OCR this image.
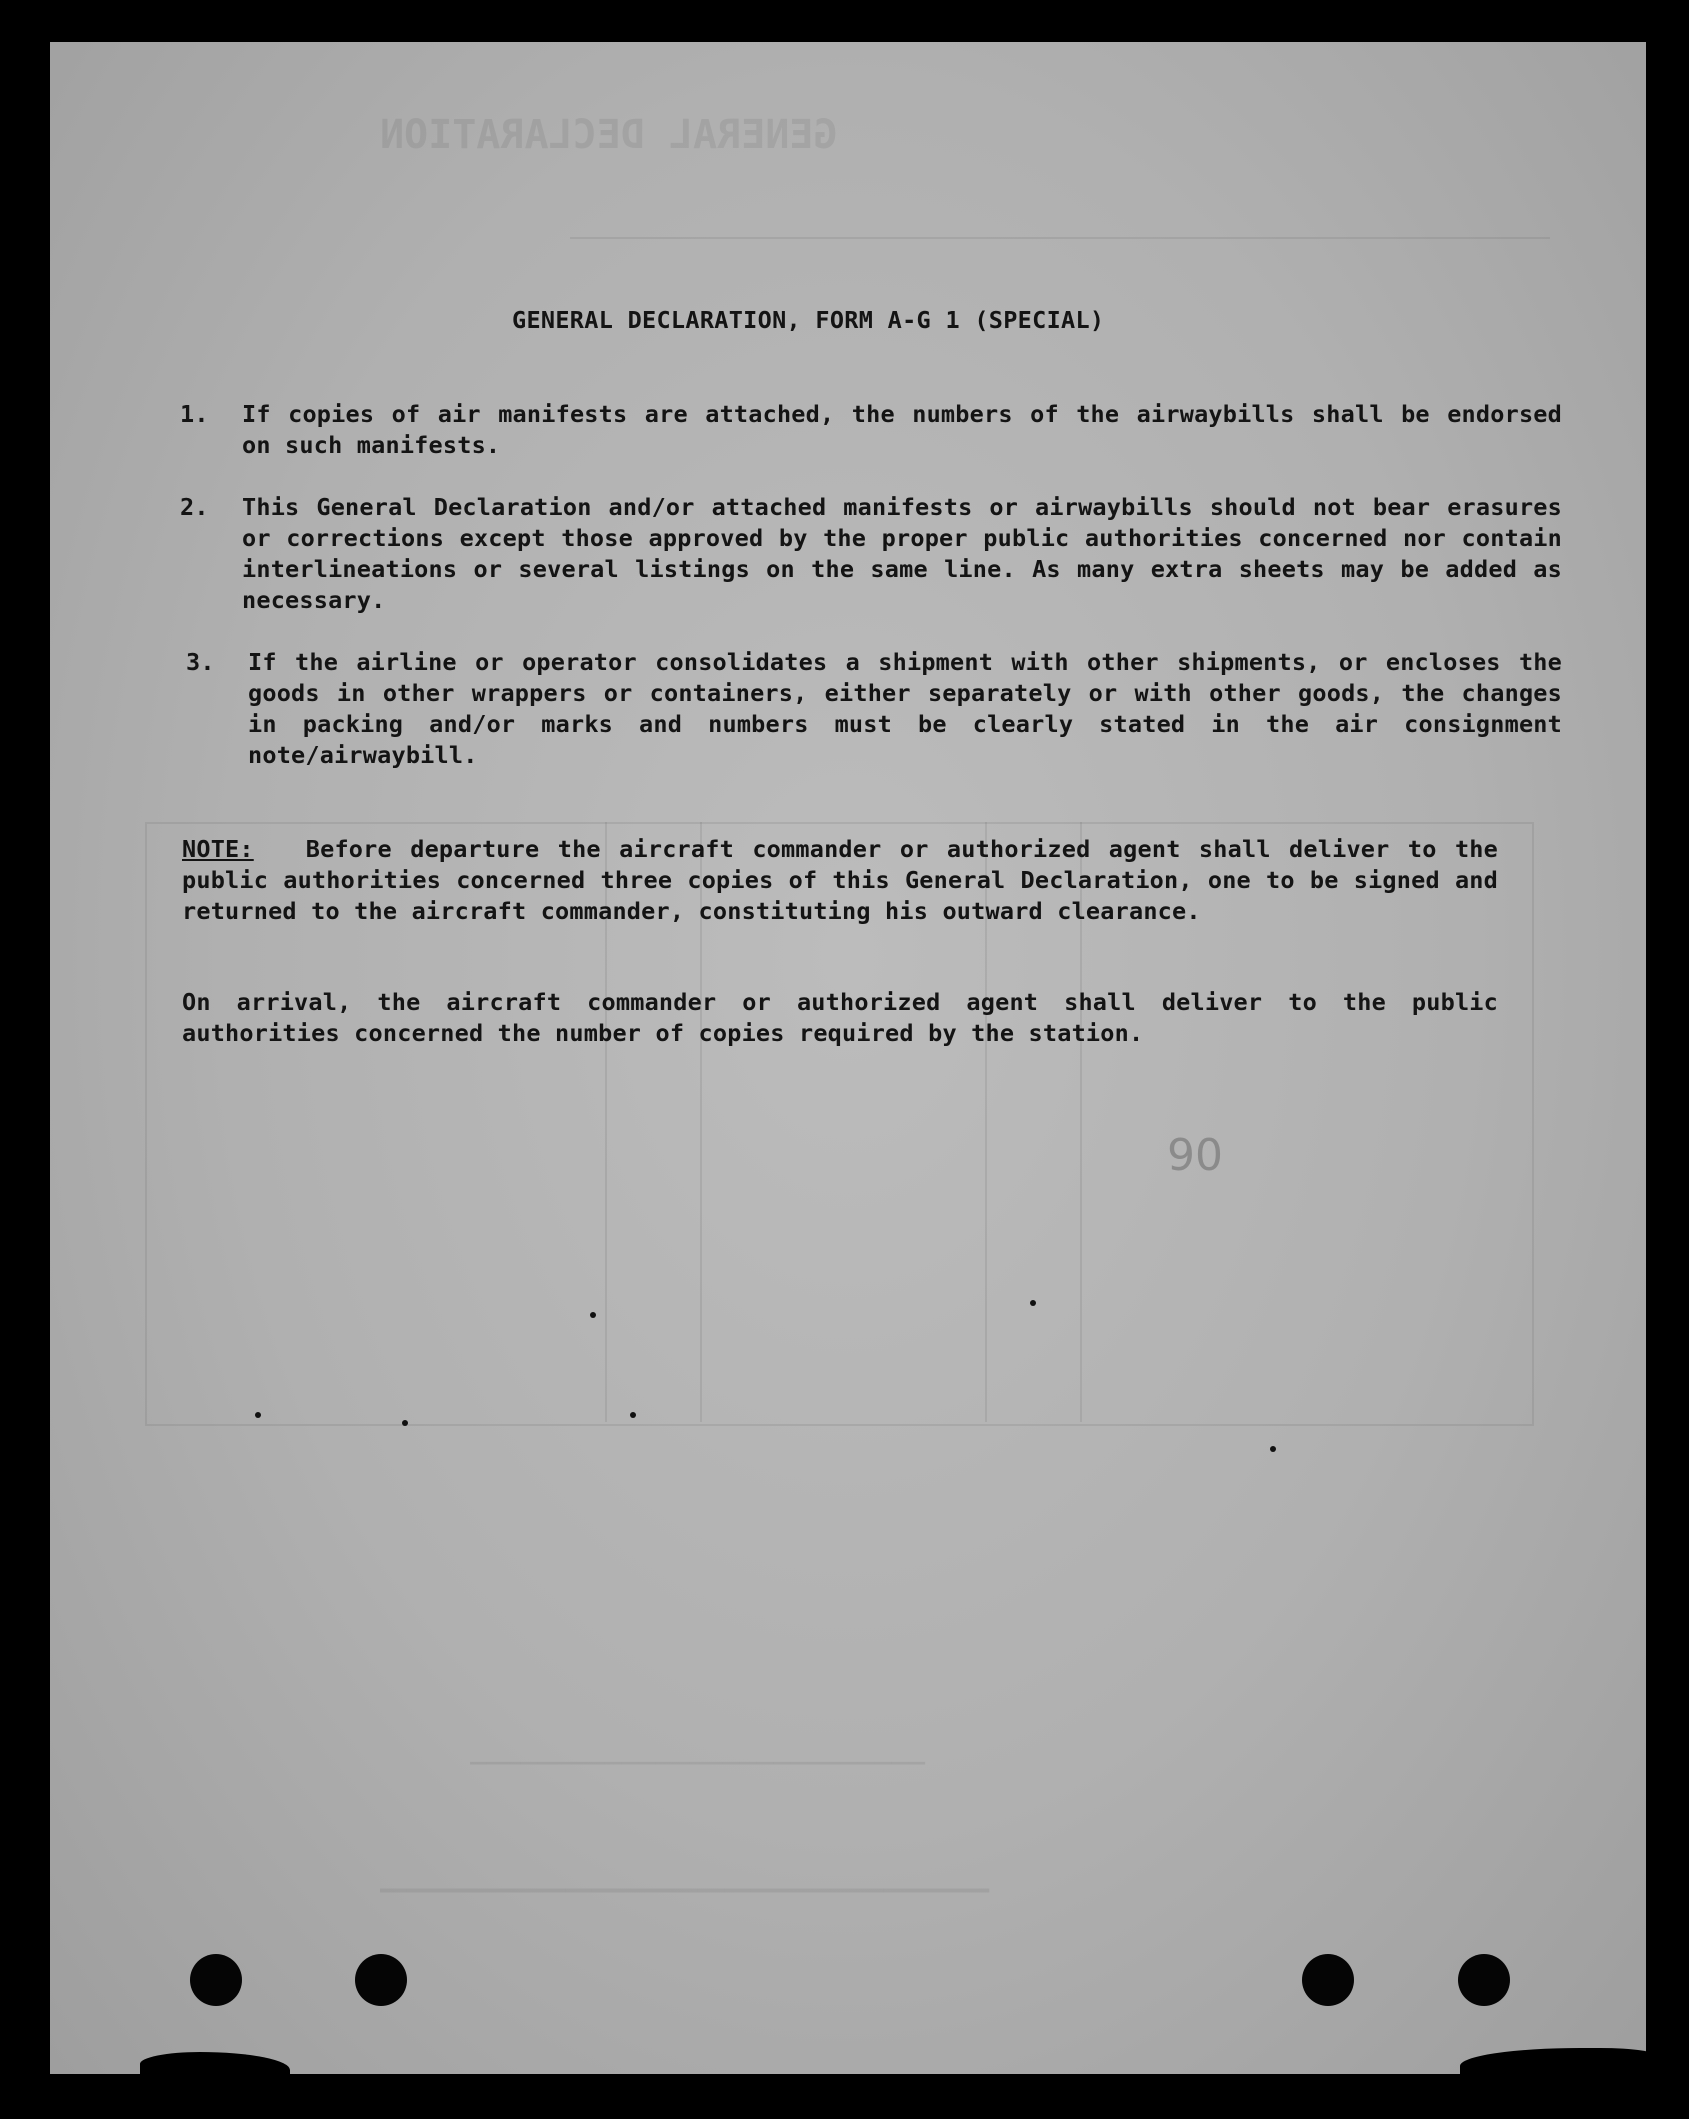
GENERAL DECLARATION
___________________________
_______________________
GENERAL DECLARATION, FORM A-G 1 (SPECIAL)
1.	If copies of air manifests are attached, the numbers of the airwaybills shall be endorsed on such manifests.
2.	This General Declaration and/or attached manifests or airwaybills should not bear erasures or corrections except those approved by the proper public authorities concerned nor contain interlineations or several listings on the same line. As many extra sheets may be added as necessary.
3.	If the airline or operator consolidates a shipment with other shipments, or encloses the goods in other wrappers or containers, either separately or with other goods, the changes in packing and/or marks and numbers must be clearly stated in the air consignment note/airwaybill.
NOTE: Before departure the aircraft commander or authorized agent shall deliver to the public authorities concerned three copies of this General Declaration, one to be signed and returned to the aircraft commander, constituting his outward clearance.
On arrival, the aircraft commander or authorized agent shall deliver to the public authorities concerned the number of copies required by the station.
90
